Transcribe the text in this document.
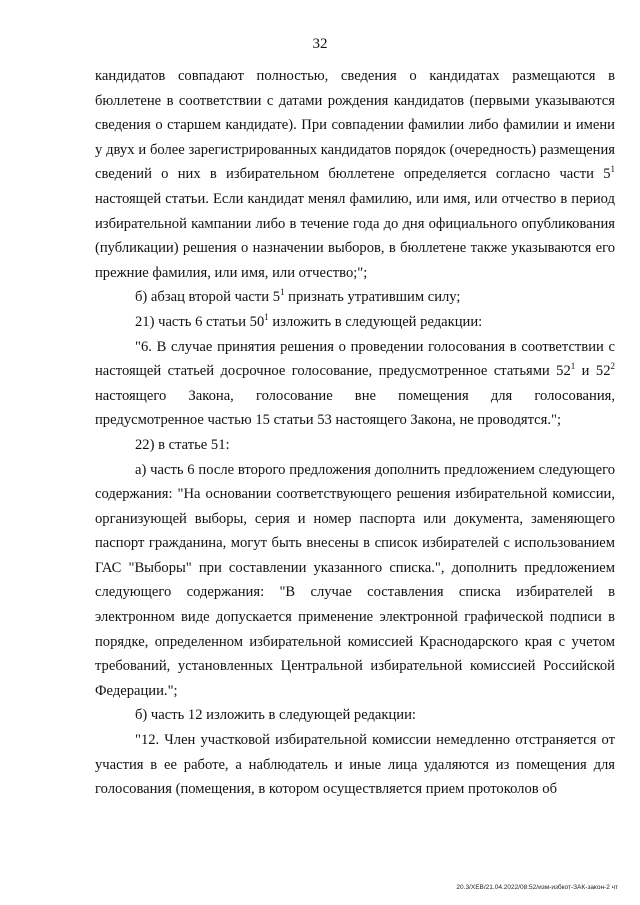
32

кандидатов совпадают полностью, сведения о кандидатах размещаются в бюллетене в соответствии с датами рождения кандидатов (первыми указываются сведения о старшем кандидате). При совпадении фамилии либо фамилии и имени у двух и более зарегистрированных кандидатов порядок (очередность) размещения сведений о них в избирательном бюллетене определяется согласно части $5^1$ настоящей статьи. Если кандидат менял фамилию, или имя, или отчество в период избирательной кампании либо в течение года до дня официального опубликования (публикации) решения о назначении выборов, в бюллетене также указываются его прежние фамилия, или имя, или отчество;";

б) абзац второй части $5^1$ признать утратившим силу;

21) часть 6 статьи $50^1$ изложить в следующей редакции:

"6. В случае принятия решения о проведении голосования в соответствии с настоящей статьей досрочное голосование, предусмотренное статьями $52^1$ и $52^2$ настоящего Закона, голосование вне помещения для голосования, предусмотренное частью 15 статьи 53 настоящего Закона, не проводятся.";

22) в статье 51:

а) часть 6 после второго предложения дополнить предложением следующего содержания: "На основании соответствующего решения избирательной комиссии, организующей выборы, серия и номер паспорта или документа, заменяющего паспорт гражданина, могут быть внесены в список избирателей с использованием ГАС "Выборы" при составлении указанного списка.", дополнить предложением следующего содержания: "В случае составления списка избирателей в электронном виде допускается применение электронной графической подписи в порядке, определенном избирательной комиссией Краснодарского края с учетом требований, установленных Центральной избирательной комиссией Российской Федерации.";

б) часть 12 изложить в следующей редакции:

"12. Член участковой избирательной комиссии немедленно отстраняется от участия в ее работе, а наблюдатель и иные лица удаляются из помещения для голосования (помещения, в котором осуществляется прием протоколов об

20.3/ХЕВ/21.04.2022/08:52/изм-избкот-ЗАК-закон-2 чт
